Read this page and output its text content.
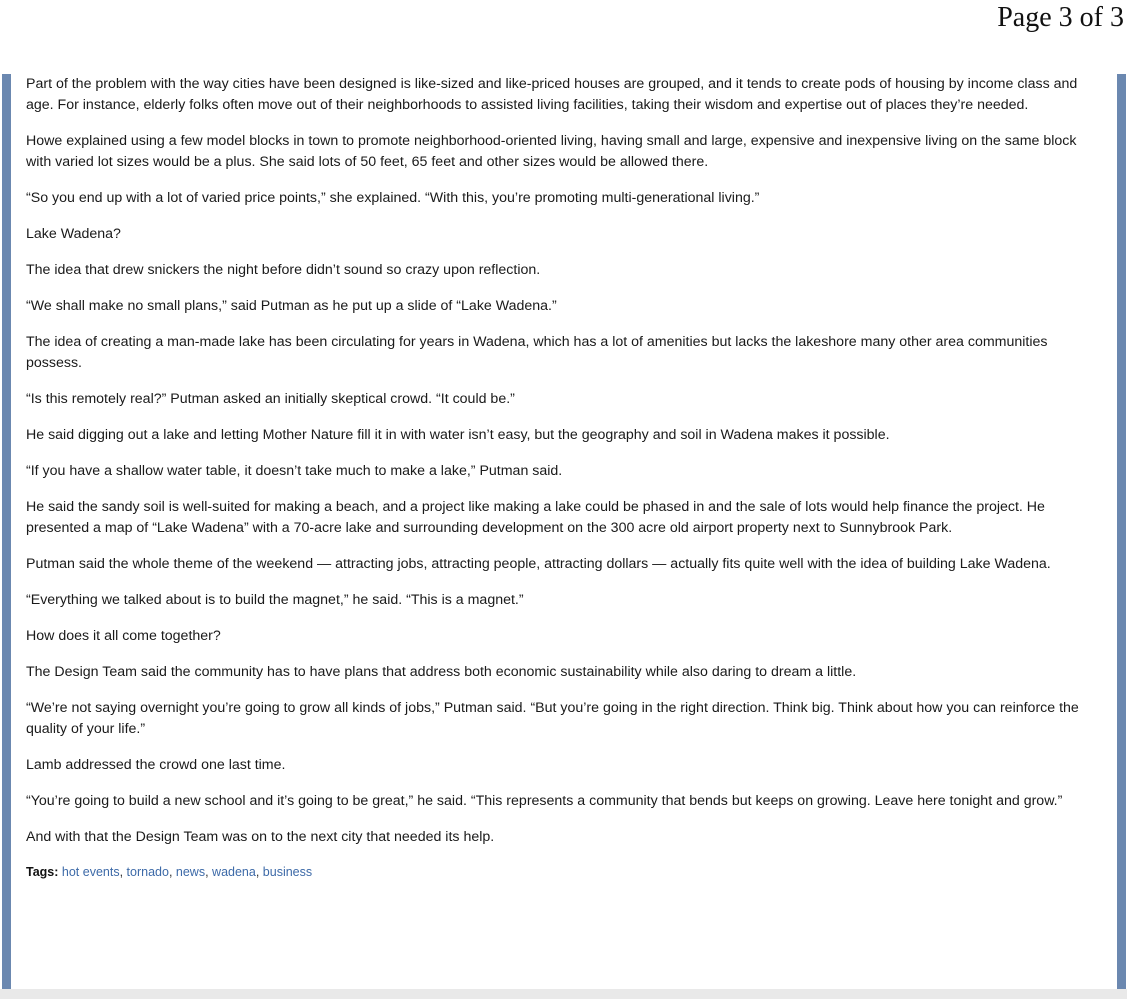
Page 3 of 3

Part of the problem with the way cities have been designed is like-sized and like-priced houses are grouped, and it tends to create pods of housing by income class and age. For instance, elderly folks often move out of their neighborhoods to assisted living facilities, taking their wisdom and expertise out of places they’re needed.

Howe explained using a few model blocks in town to promote neighborhood-oriented living, having small and large, expensive and inexpensive living on the same block with varied lot sizes would be a plus. She said lots of 50 feet, 65 feet and other sizes would be allowed there.

“So you end up with a lot of varied price points,” she explained. “With this, you’re promoting multi-generational living.”

Lake Wadena?

The idea that drew snickers the night before didn’t sound so crazy upon reflection.

“We shall make no small plans,” said Putman as he put up a slide of “Lake Wadena.”

The idea of creating a man-made lake has been circulating for years in Wadena, which has a lot of amenities but lacks the lakeshore many other area communities possess.

“Is this remotely real?” Putman asked an initially skeptical crowd. “It could be.”

He said digging out a lake and letting Mother Nature fill it in with water isn’t easy, but the geography and soil in Wadena makes it possible.

“If you have a shallow water table, it doesn’t take much to make a lake,” Putman said.

He said the sandy soil is well-suited for making a beach, and a project like making a lake could be phased in and the sale of lots would help finance the project. He presented a map of “Lake Wadena” with a 70-acre lake and surrounding development on the 300 acre old airport property next to Sunnybrook Park.

Putman said the whole theme of the weekend — attracting jobs, attracting people, attracting dollars — actually fits quite well with the idea of building Lake Wadena.

“Everything we talked about is to build the magnet,” he said. “This is a magnet.”

How does it all come together?

The Design Team said the community has to have plans that address both economic sustainability while also daring to dream a little.

“We’re not saying overnight you’re going to grow all kinds of jobs,” Putman said. “But you’re going in the right direction. Think big. Think about how you can reinforce the quality of your life.”

Lamb addressed the crowd one last time.

“You’re going to build a new school and it’s going to be great,” he said. “This represents a community that bends but keeps on growing. Leave here tonight and grow.”

And with that the Design Team was on to the next city that needed its help.

Tags: hot events, tornado, news, wadena, business
